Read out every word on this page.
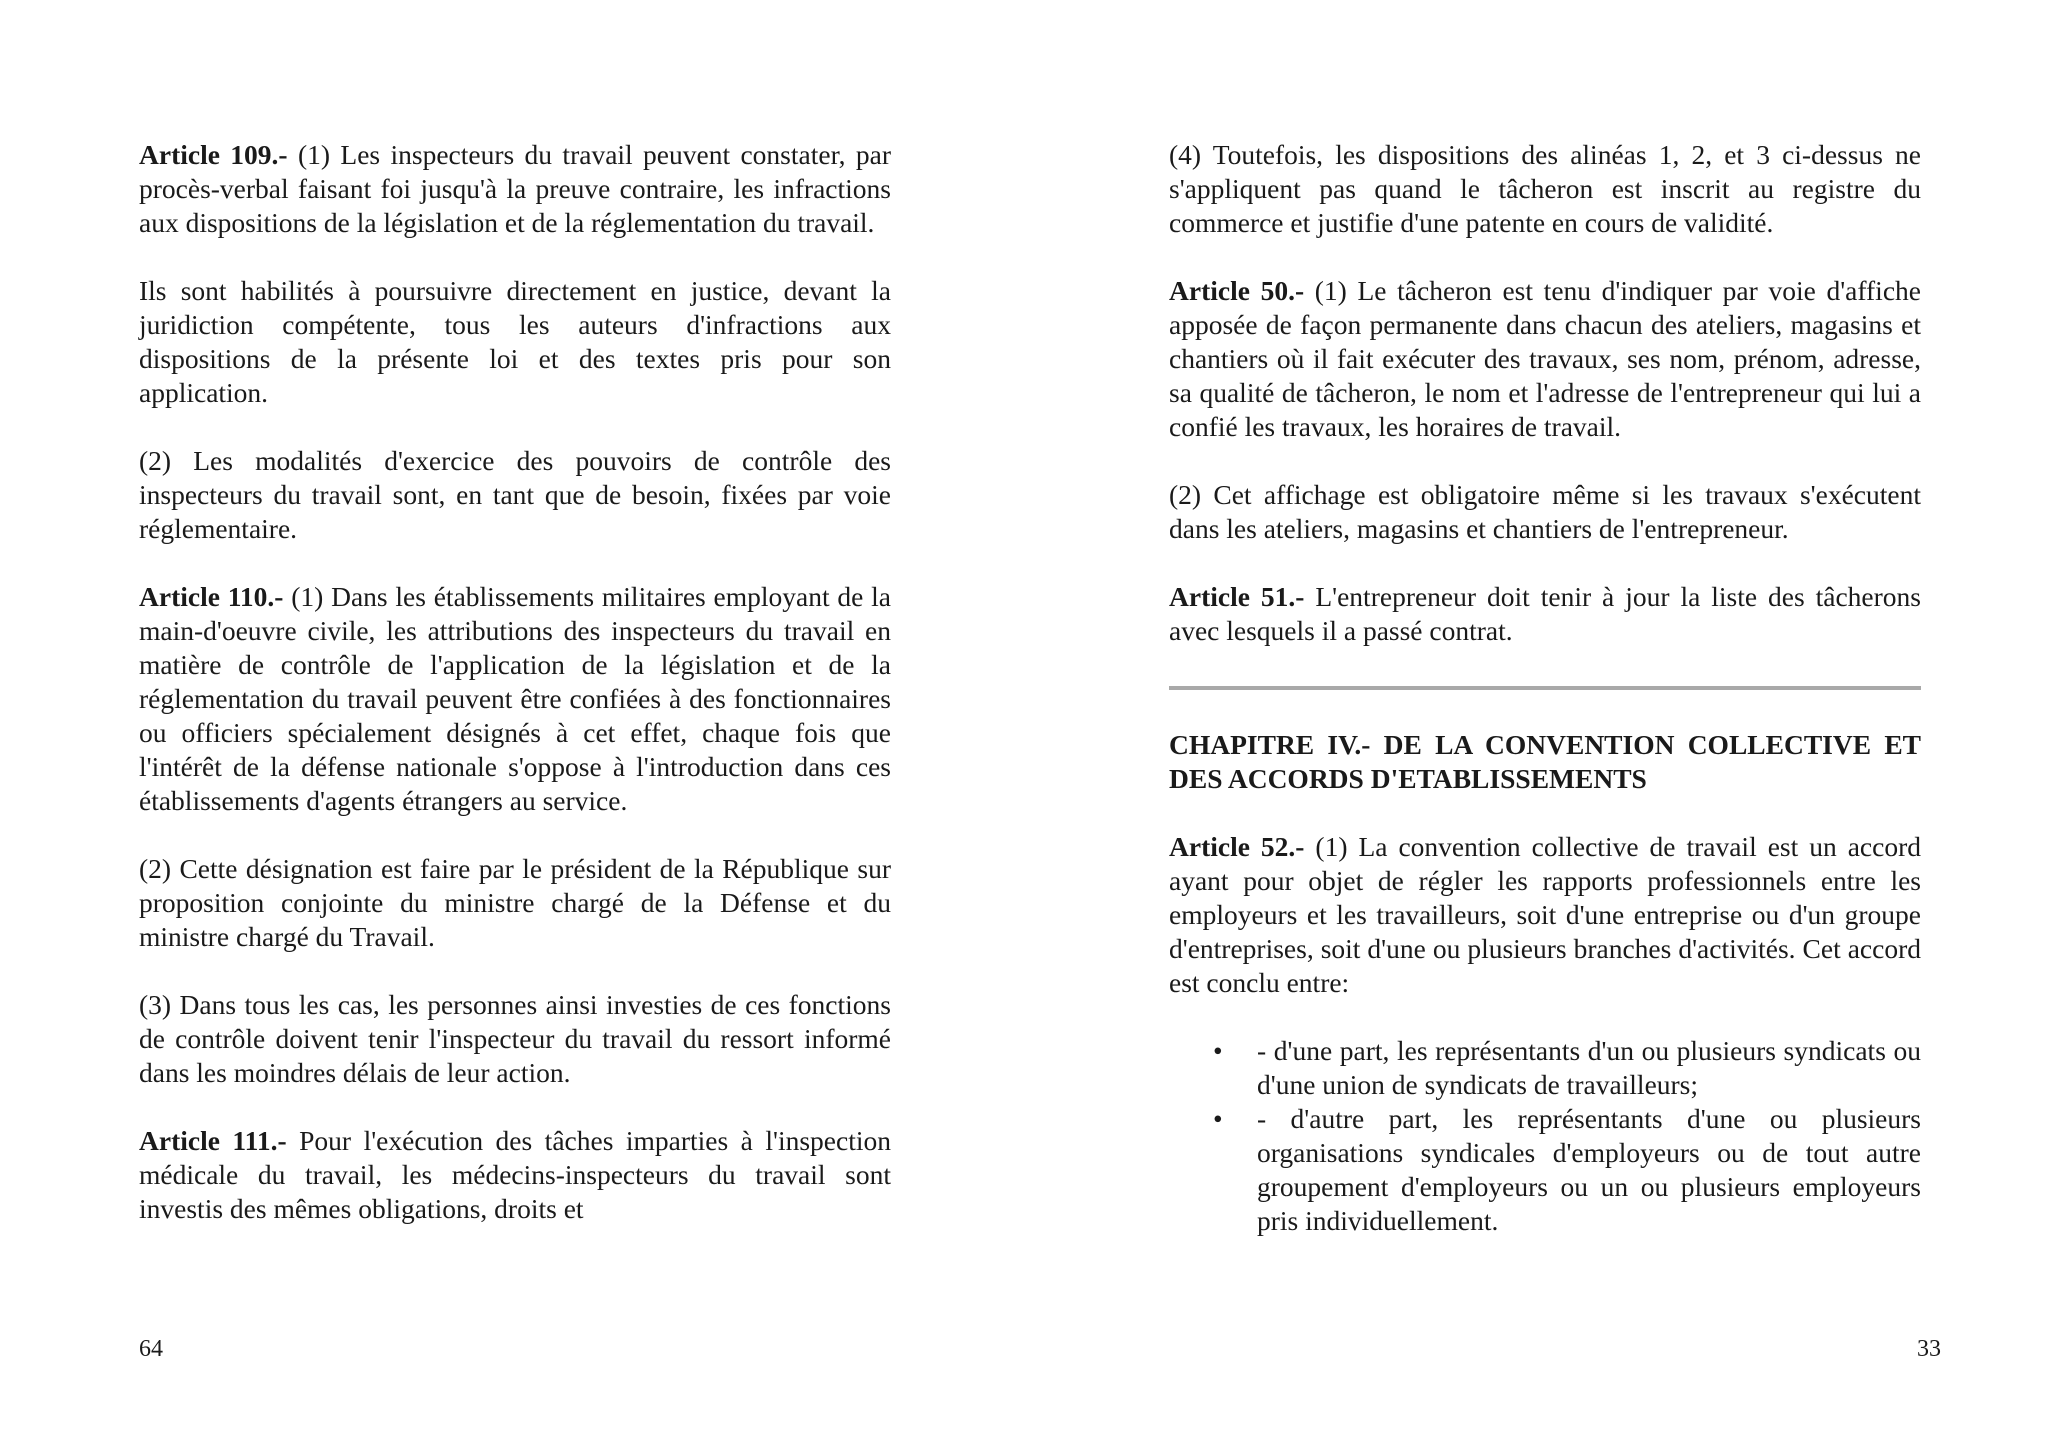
Article 109.- (1) Les inspecteurs du travail peuvent constater, par procès-verbal faisant foi jusqu'à la preuve contraire, les infractions aux dispositions de la législation et de la réglementation du travail.

Ils sont habilités à poursuivre directement en justice, devant la juridiction compétente, tous les auteurs d'infractions aux dispositions de la présente loi et des textes pris pour son application.

(2) Les modalités d'exercice des pouvoirs de contrôle des inspecteurs du travail sont, en tant que de besoin, fixées par voie réglementaire.

Article 110.- (1) Dans les établissements militaires employant de la main-d'oeuvre civile, les attributions des inspecteurs du travail en matière de contrôle de l'application de la législation et de la réglementation du travail peuvent être confiées à des fonctionnaires ou officiers spécialement désignés à cet effet, chaque fois que l'intérêt de la défense nationale s'oppose à l'introduction dans ces établissements d'agents étrangers au service.

(2) Cette désignation est faire par le président de la République sur proposition conjointe du ministre chargé de la Défense et du ministre chargé du Travail.

(3) Dans tous les cas, les personnes ainsi investies de ces fonctions de contrôle doivent tenir l'inspecteur du travail du ressort informé dans les moindres délais de leur action.

Article 111.- Pour l'exécution des tâches imparties à l'inspection médicale du travail, les médecins-inspecteurs du travail sont investis des mêmes obligations, droits et

64

(4) Toutefois, les dispositions des alinéas 1, 2, et 3 ci-dessus ne s'appliquent pas quand le tâcheron est inscrit au registre du commerce et justifie d'une patente en cours de validité.

Article 50.- (1) Le tâcheron est tenu d'indiquer par voie d'affiche apposée de façon permanente dans chacun des ateliers, magasins et chantiers où il fait exécuter des travaux, ses nom, prénom, adresse, sa qualité de tâcheron, le nom et l'adresse de l'entrepreneur qui lui a confié les travaux, les horaires de travail.

(2) Cet affichage est obligatoire même si les travaux s'exécutent dans les ateliers, magasins et chantiers de l'entrepreneur.

Article 51.- L'entrepreneur doit tenir à jour la liste des tâcherons avec lesquels il a passé contrat.

CHAPITRE IV.- DE LA CONVENTION COLLECTIVE ET DES ACCORDS D'ETABLISSEMENTS

Article 52.- (1) La convention collective de travail est un accord ayant pour objet de régler les rapports professionnels entre les employeurs et les travailleurs, soit d'une entreprise ou d'un groupe d'entreprises, soit d'une ou plusieurs branches d'activités. Cet accord est conclu entre:

• - d'une part, les représentants d'un ou plusieurs syndicats ou d'une union de syndicats de travailleurs;
• - d'autre part, les représentants d'une ou plusieurs organisations syndicales d'employeurs ou de tout autre groupement d'employeurs ou un ou plusieurs employeurs pris individuellement.
33
